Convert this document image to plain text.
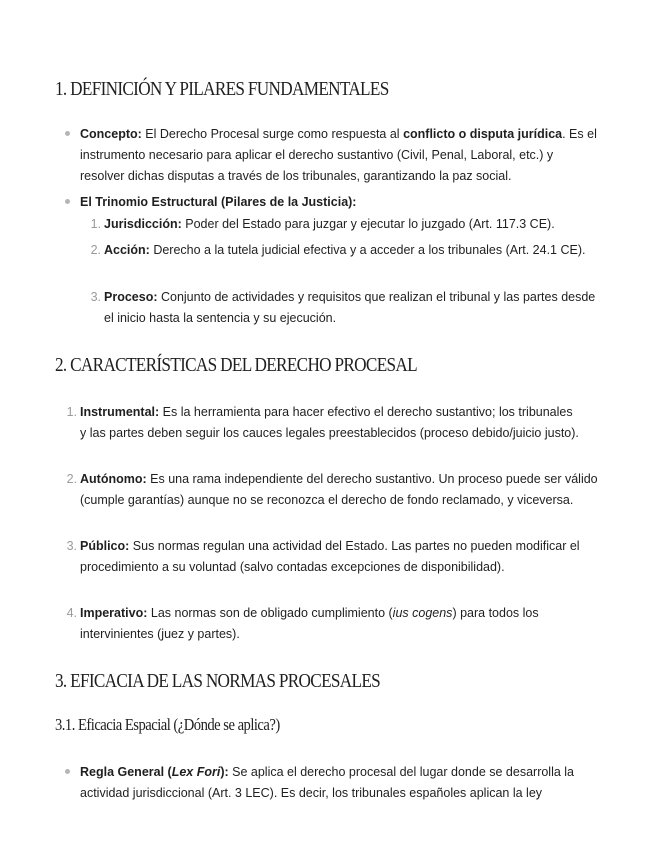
1. DEFINICIÓN Y PILARES FUNDAMENTALES
Concepto: El Derecho Procesal surge como respuesta al conflicto o disputa jurídica. Es el instrumento necesario para aplicar el derecho sustantivo (Civil, Penal, Laboral, etc.) y resolver dichas disputas a través de los tribunales, garantizando la paz social.
El Trinomio Estructural (Pilares de la Justicia):
1. Jurisdicción: Poder del Estado para juzgar y ejecutar lo juzgado (Art. 117.3 CE).
2. Acción: Derecho a la tutela judicial efectiva y a acceder a los tribunales (Art. 24.1 CE).
3. Proceso: Conjunto de actividades y requisitos que realizan el tribunal y las partes desde el inicio hasta la sentencia y su ejecución.
2. CARACTERÍSTICAS DEL DERECHO PROCESAL
1. Instrumental: Es la herramienta para hacer efectivo el derecho sustantivo; los tribunales y las partes deben seguir los cauces legales preestablecidos (proceso debido/juicio justo).
2. Autónomo: Es una rama independiente del derecho sustantivo. Un proceso puede ser válido (cumple garantías) aunque no se reconozca el derecho de fondo reclamado, y viceversa.
3. Público: Sus normas regulan una actividad del Estado. Las partes no pueden modificar el procedimiento a su voluntad (salvo contadas excepciones de disponibilidad).
4. Imperativo: Las normas son de obligado cumplimiento (ius cogens) para todos los intervinientes (juez y partes).
3. EFICACIA DE LAS NORMAS PROCESALES
3.1. Eficacia Espacial (¿Dónde se aplica?)
Regla General (Lex Fori): Se aplica el derecho procesal del lugar donde se desarrolla la actividad jurisdiccional (Art. 3 LEC). Es decir, los tribunales españoles aplican la ley
